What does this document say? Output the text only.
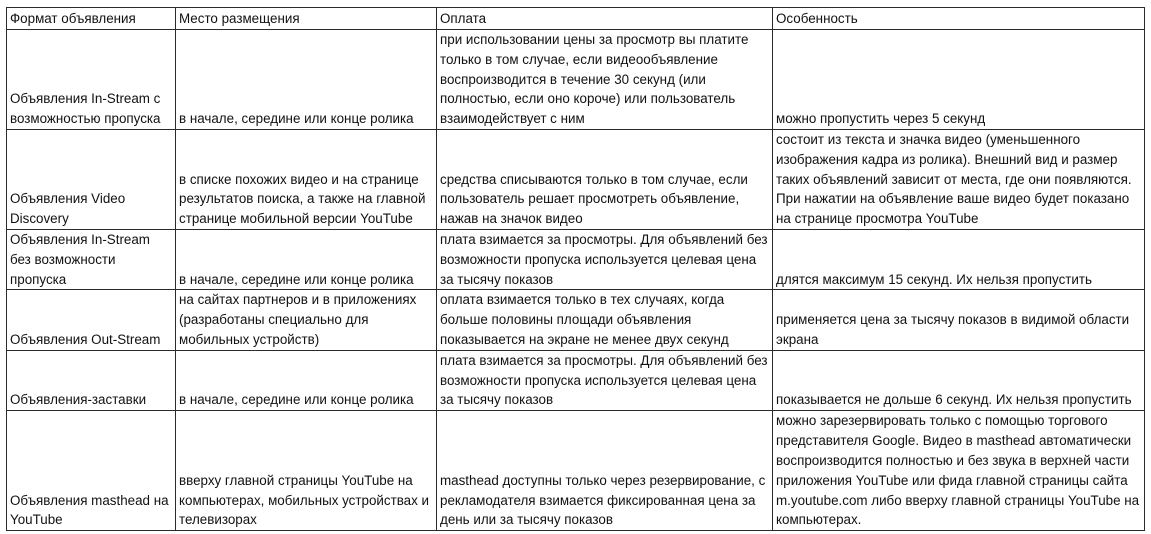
Формат объявления	Место размещения	Оплата	Особенность
Объявления In-Stream с возможностью пропуска	в начале, середине или конце ролика	при использовании цены за просмотр вы платите только в том случае, если видеообъявление воспроизводится в течение 30 секунд (или полностью, если оно короче) или пользователь взаимодействует с ним	можно пропустить через 5 секунд
Объявления Video Discovery	в списке похожих видео и на странице результатов поиска, а также на главной странице мобильной версии YouTube	средства списываются только в том случае, если пользователь решает просмотреть объявление, нажав на значок видео	состоит из текста и значка видео (уменьшенного изображения кадра из ролика). Внешний вид и размер таких объявлений зависит от места, где они появляются. При нажатии на объявление ваше видео будет показано на странице просмотра YouTube
Объявления In-Stream без возможности пропуска	в начале, середине или конце ролика	плата взимается за просмотры. Для объявлений без возможности пропуска используется целевая цена за тысячу показов	длятся максимум 15 секунд. Их нельзя пропустить
Объявления Out-Stream	на сайтах партнеров и в приложениях (разработаны специально для мобильных устройств)	оплата взимается только в тех случаях, когда больше половины площади объявления показывается на экране не менее двух секунд	применяется цена за тысячу показов в видимой области экрана
Объявления-заставки	в начале, середине или конце ролика	плата взимается за просмотры. Для объявлений без возможности пропуска используется целевая цена за тысячу показов	показывается не дольше 6 секунд. Их нельзя пропустить
Объявления masthead на YouTube	вверху главной страницы YouTube на компьютерах, мобильных устройствах и телевизорах	masthead доступны только через резервирование, с рекламодателя взимается фиксированная цена за день или за тысячу показов	можно зарезервировать только с помощью торгового представителя Google. Видео в masthead автоматически воспроизводится полностью и без звука в верхней части приложения YouTube или фида главной страницы сайта m.youtube.com либо вверху главной страницы YouTube на компьютерах.
